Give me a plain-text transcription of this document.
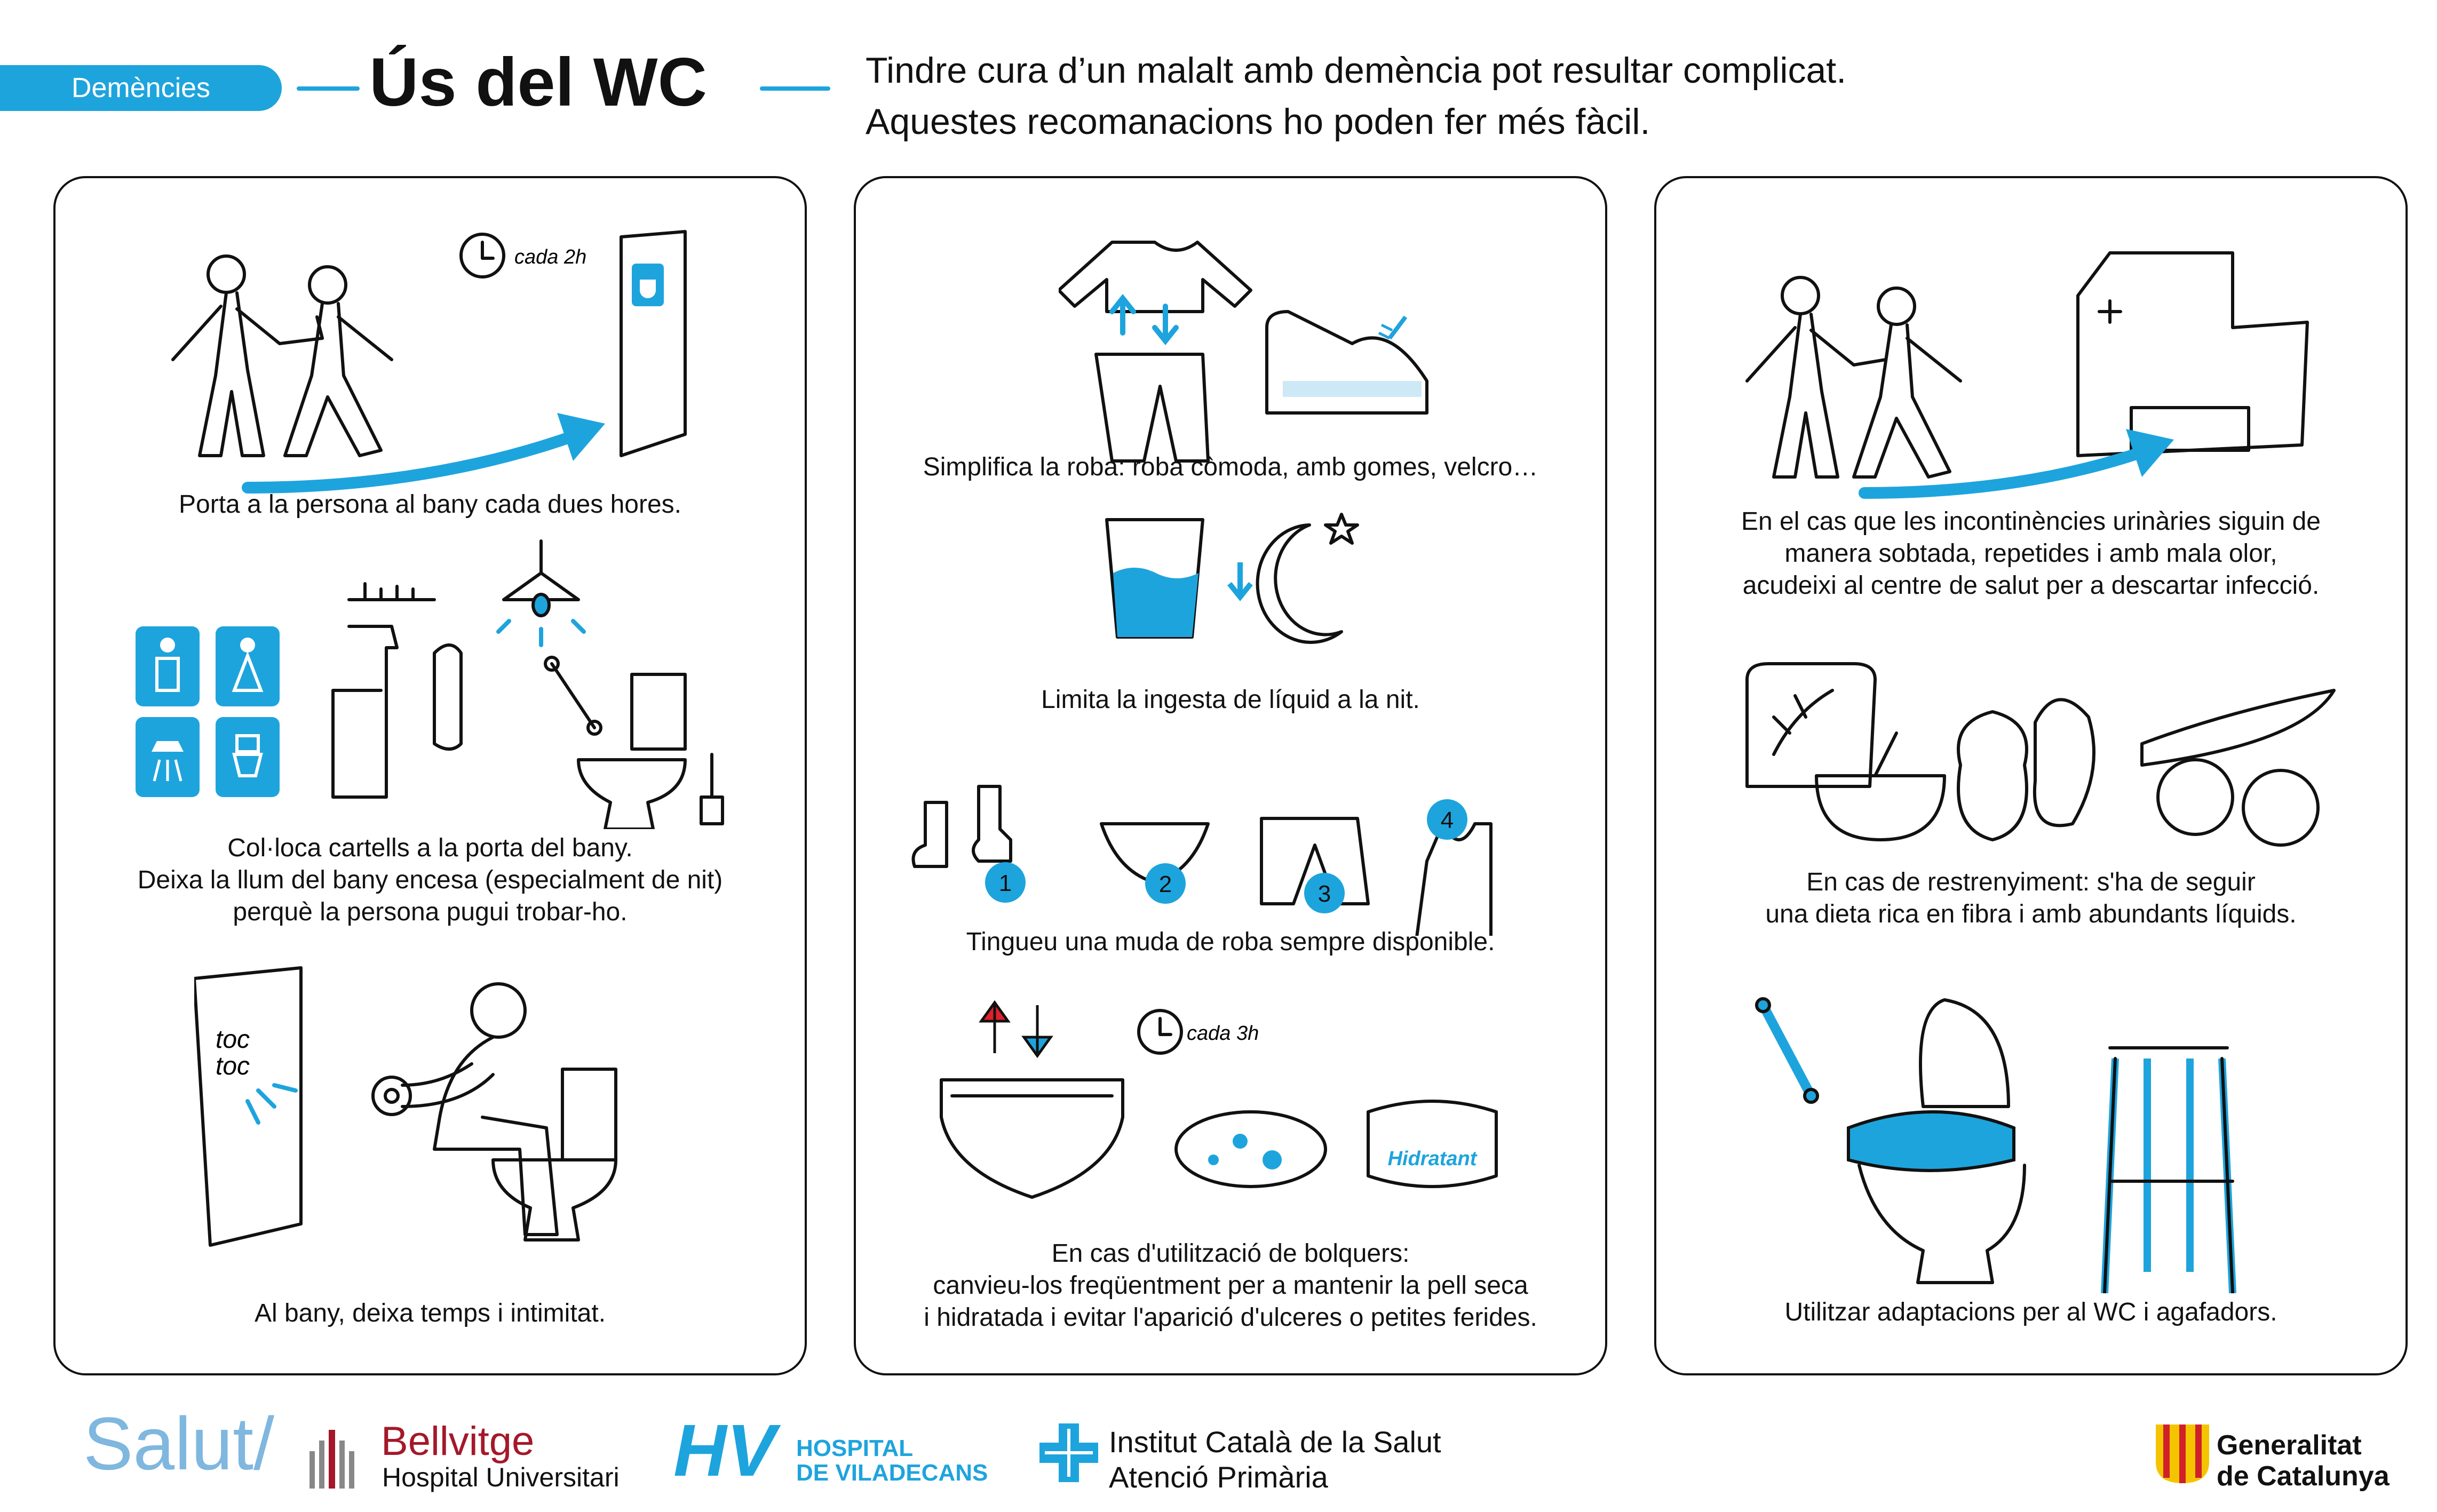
Demències	Ús del WC	Tindre cura d’un malalt amb demència pot resultar complicat.
Aquestes recomanacions ho poden fer més fàcil.
cada 2h
Porta a la persona al bany cada dues hores.
Col·loca cartells a la porta del bany.
Deixa la llum del bany encesa (especialment de nit)
perquè la persona pugui trobar-ho.
toc
toc
Al bany, deixa temps i intimitat.
Simplifica la roba: roba còmoda, amb gomes, velcro…
Limita la ingesta de líquid a la nit.
1	2	3
4
Tingueu una muda de roba sempre disponible.
cada 3h
Hidratant
En cas d'utilització de bolquers:
canvieu-los freqüentment per a mantenir la pell seca
i hidratada i evitar l'aparició d'ulceres o petites ferides.
En el cas que les incontinències urinàries siguin de
manera sobtada, repetides i amb mala olor,
acudeixi al centre de salut per a descartar infecció.
En cas de restrenyiment: s'ha de seguir
una dieta rica en fibra i amb abundants líquids.
Utilitzar adaptacions per al WC i agafadors.
Salut/	Bellvitge
Hospital Universitari HV HOSPITAL
DE VILADECANS
Institut Català de la Salut
Atenció Primària
Generalitat
de Catalunya
